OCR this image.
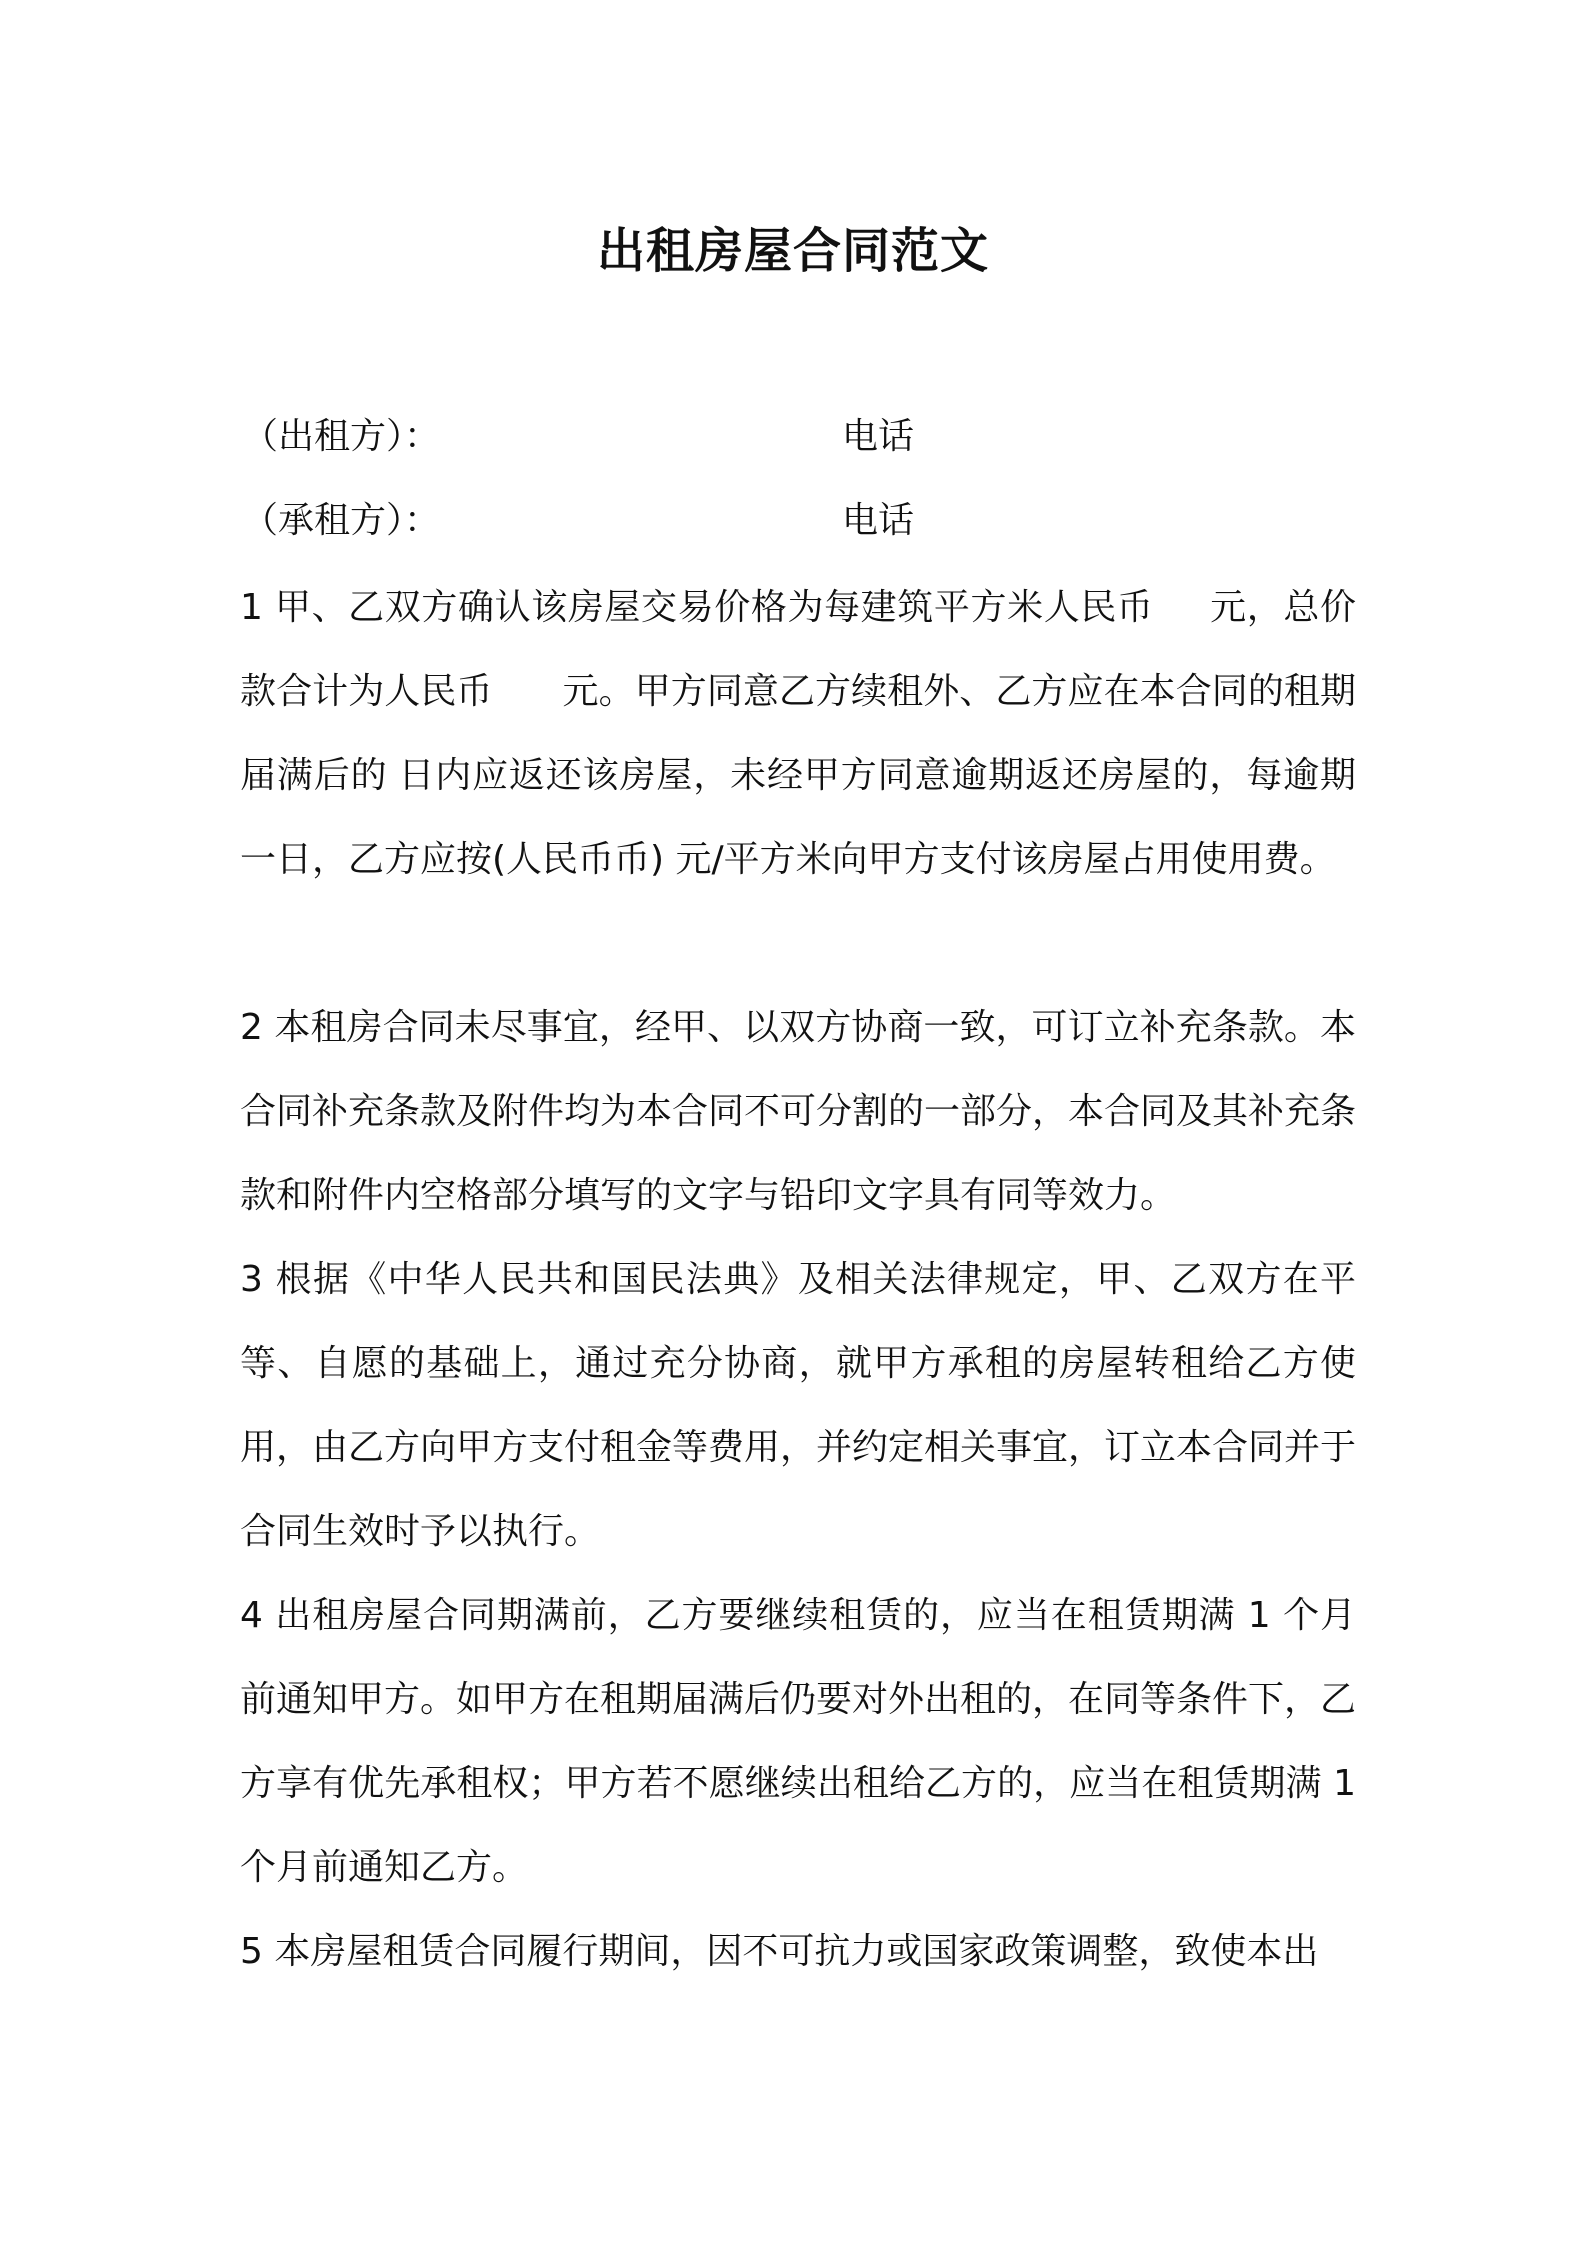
出租房屋合同范文
（出租方）：	电话
（承租方）：	电话
1 甲、乙双方确认该房屋交易价格为每建筑平方米人民币 元，总价款合计为人民币 元。甲方同意乙方续租外、乙方应在本合同的租期届满后的 日内应返还该房屋，未经甲方同意逾期返还房屋的，每逾期一日，乙方应按(人民币币) 元/平方米向甲方支付该房屋占用使用费。
2 本租房合同未尽事宜，经甲、以双方协商一致，可订立补充条款。本合同补充条款及附件均为本合同不可分割的一部分，本合同及其补充条款和附件内空格部分填写的文字与铅印文字具有同等效力。
3 根据《中华人民共和国民法典》及相关法律规定，甲、乙双方在平等、自愿的基础上，通过充分协商，就甲方承租的房屋转租给乙方使用，由乙方向甲方支付租金等费用，并约定相关事宜，订立本合同并于合同生效时予以执行。
4 出租房屋合同期满前，乙方要继续租赁的，应当在租赁期满 1 个月前通知甲方。如甲方在租期届满后仍要对外出租的，在同等条件下，乙方享有优先承租权；甲方若不愿继续出租给乙方的，应当在租赁期满 1 个月前通知乙方。
5 本房屋租赁合同履行期间，因不可抗力或国家政策调整，致使本出
